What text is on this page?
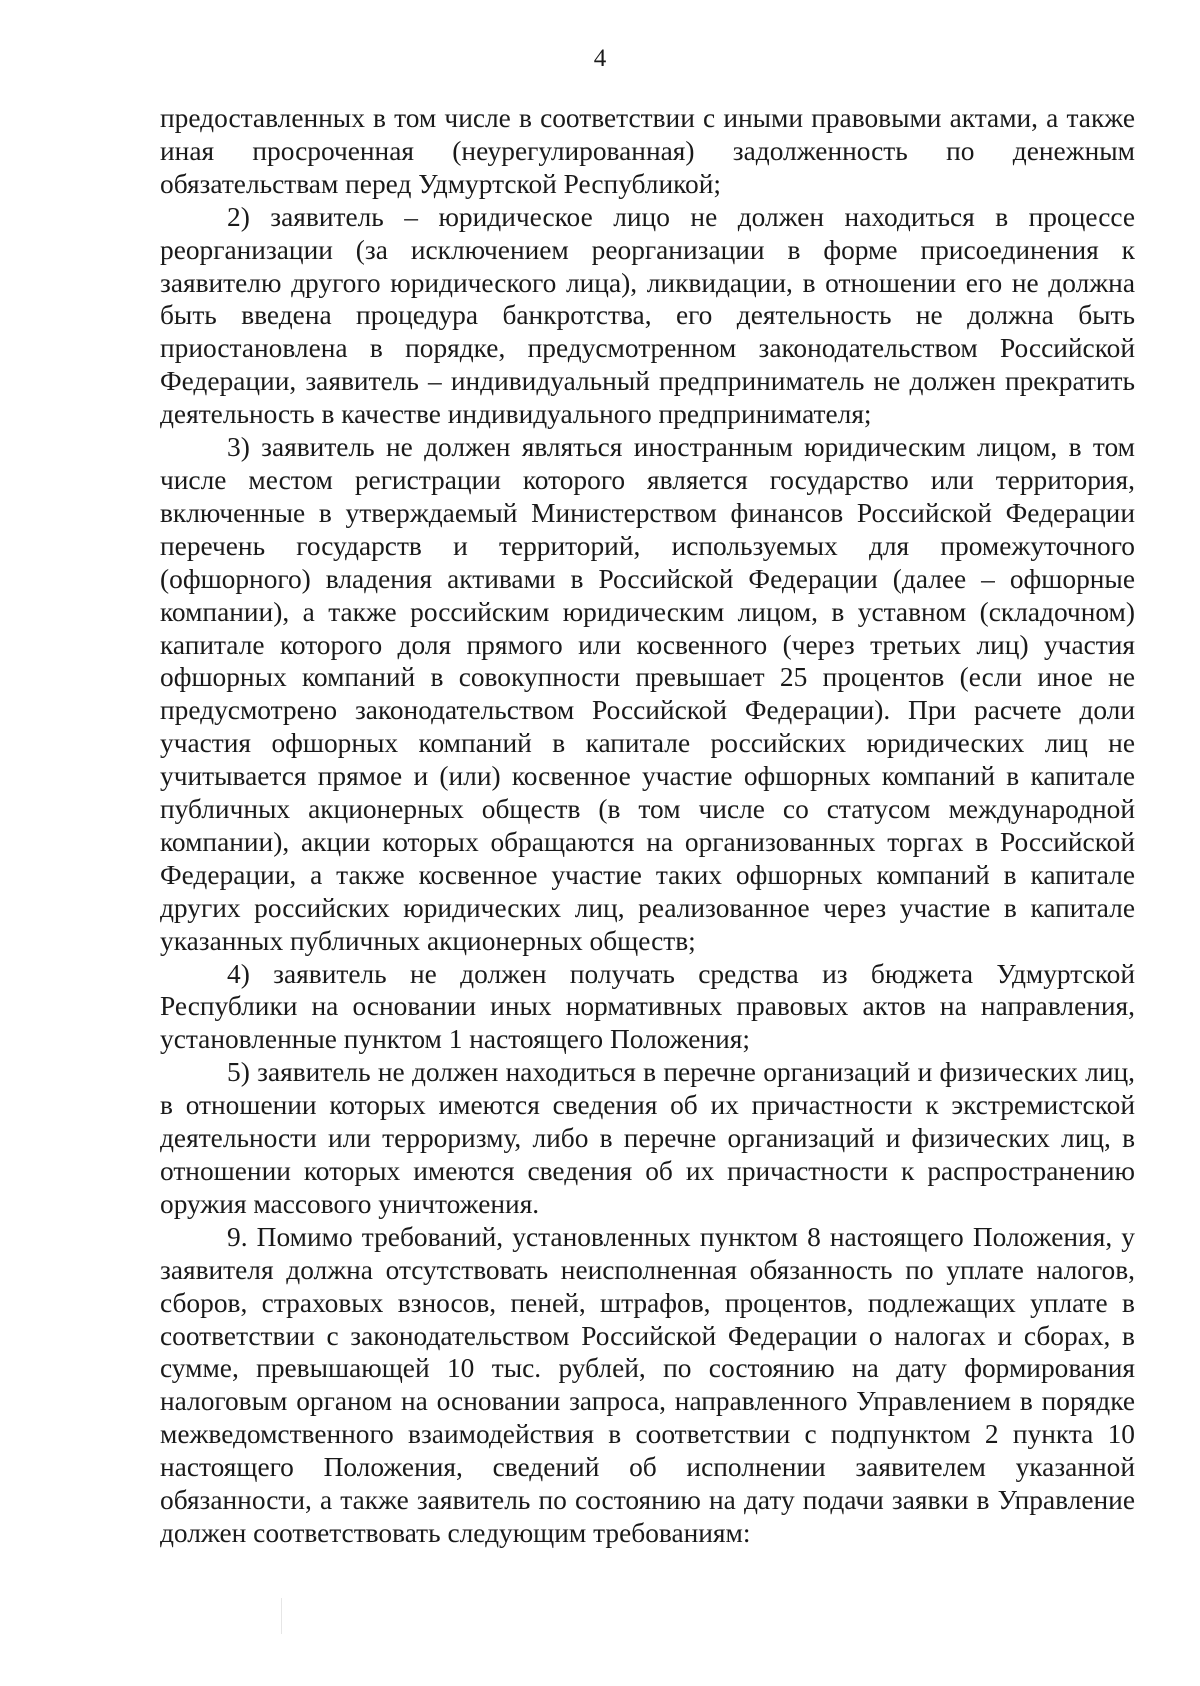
4

предоставленных в том числе в соответствии с иными правовыми актами, а также иная просроченная (неурегулированная) задолженность по денежным обязательствам перед Удмуртской Республикой;

2) заявитель – юридическое лицо не должен находиться в процессе реорганизации (за исключением реорганизации в форме присоединения к заявителю другого юридического лица), ликвидации, в отношении его не должна быть введена процедура банкротства, его деятельность не должна быть приостановлена в порядке, предусмотренном законодательством Российской Федерации, заявитель – индивидуальный предприниматель не должен прекратить деятельность в качестве индивидуального предпринимателя;

3) заявитель не должен являться иностранным юридическим лицом, в том числе местом регистрации которого является государство или территория, включенные в утверждаемый Министерством финансов Российской Федерации перечень государств и территорий, используемых для промежуточного (офшорного) владения активами в Российской Федерации (далее – офшорные компании), а также российским юридическим лицом, в уставном (складочном) капитале которого доля прямого или косвенного (через третьих лиц) участия офшорных компаний в совокупности превышает 25 процентов (если иное не предусмотрено законодательством Российской Федерации). При расчете доли участия офшорных компаний в капитале российских юридических лиц не учитывается прямое и (или) косвенное участие офшорных компаний в капитале публичных акционерных обществ (в том числе со статусом международной компании), акции которых обращаются на организованных торгах в Российской Федерации, а также косвенное участие таких офшорных компаний в капитале других российских юридических лиц, реализованное через участие в капитале указанных публичных акционерных обществ;

4) заявитель не должен получать средства из бюджета Удмуртской Республики на основании иных нормативных правовых актов на направления, установленные пунктом 1 настоящего Положения;

5) заявитель не должен находиться в перечне организаций и физических лиц, в отношении которых имеются сведения об их причастности к экстремистской деятельности или терроризму, либо в перечне организаций и физических лиц, в отношении которых имеются сведения об их причастности к распространению оружия массового уничтожения.

9. Помимо требований, установленных пунктом 8 настоящего Положения, у заявителя должна отсутствовать неисполненная обязанность по уплате налогов, сборов, страховых взносов, пеней, штрафов, процентов, подлежащих уплате в соответствии с законодательством Российской Федерации о налогах и сборах, в сумме, превышающей 10 тыс. рублей, по состоянию на дату формирования налоговым органом на основании запроса, направленного Управлением в порядке межведомственного взаимодействия в соответствии с подпунктом 2 пункта 10 настоящего Положения, сведений об исполнении заявителем указанной обязанности, а также заявитель по состоянию на дату подачи заявки в Управление должен соответствовать следующим требованиям:
